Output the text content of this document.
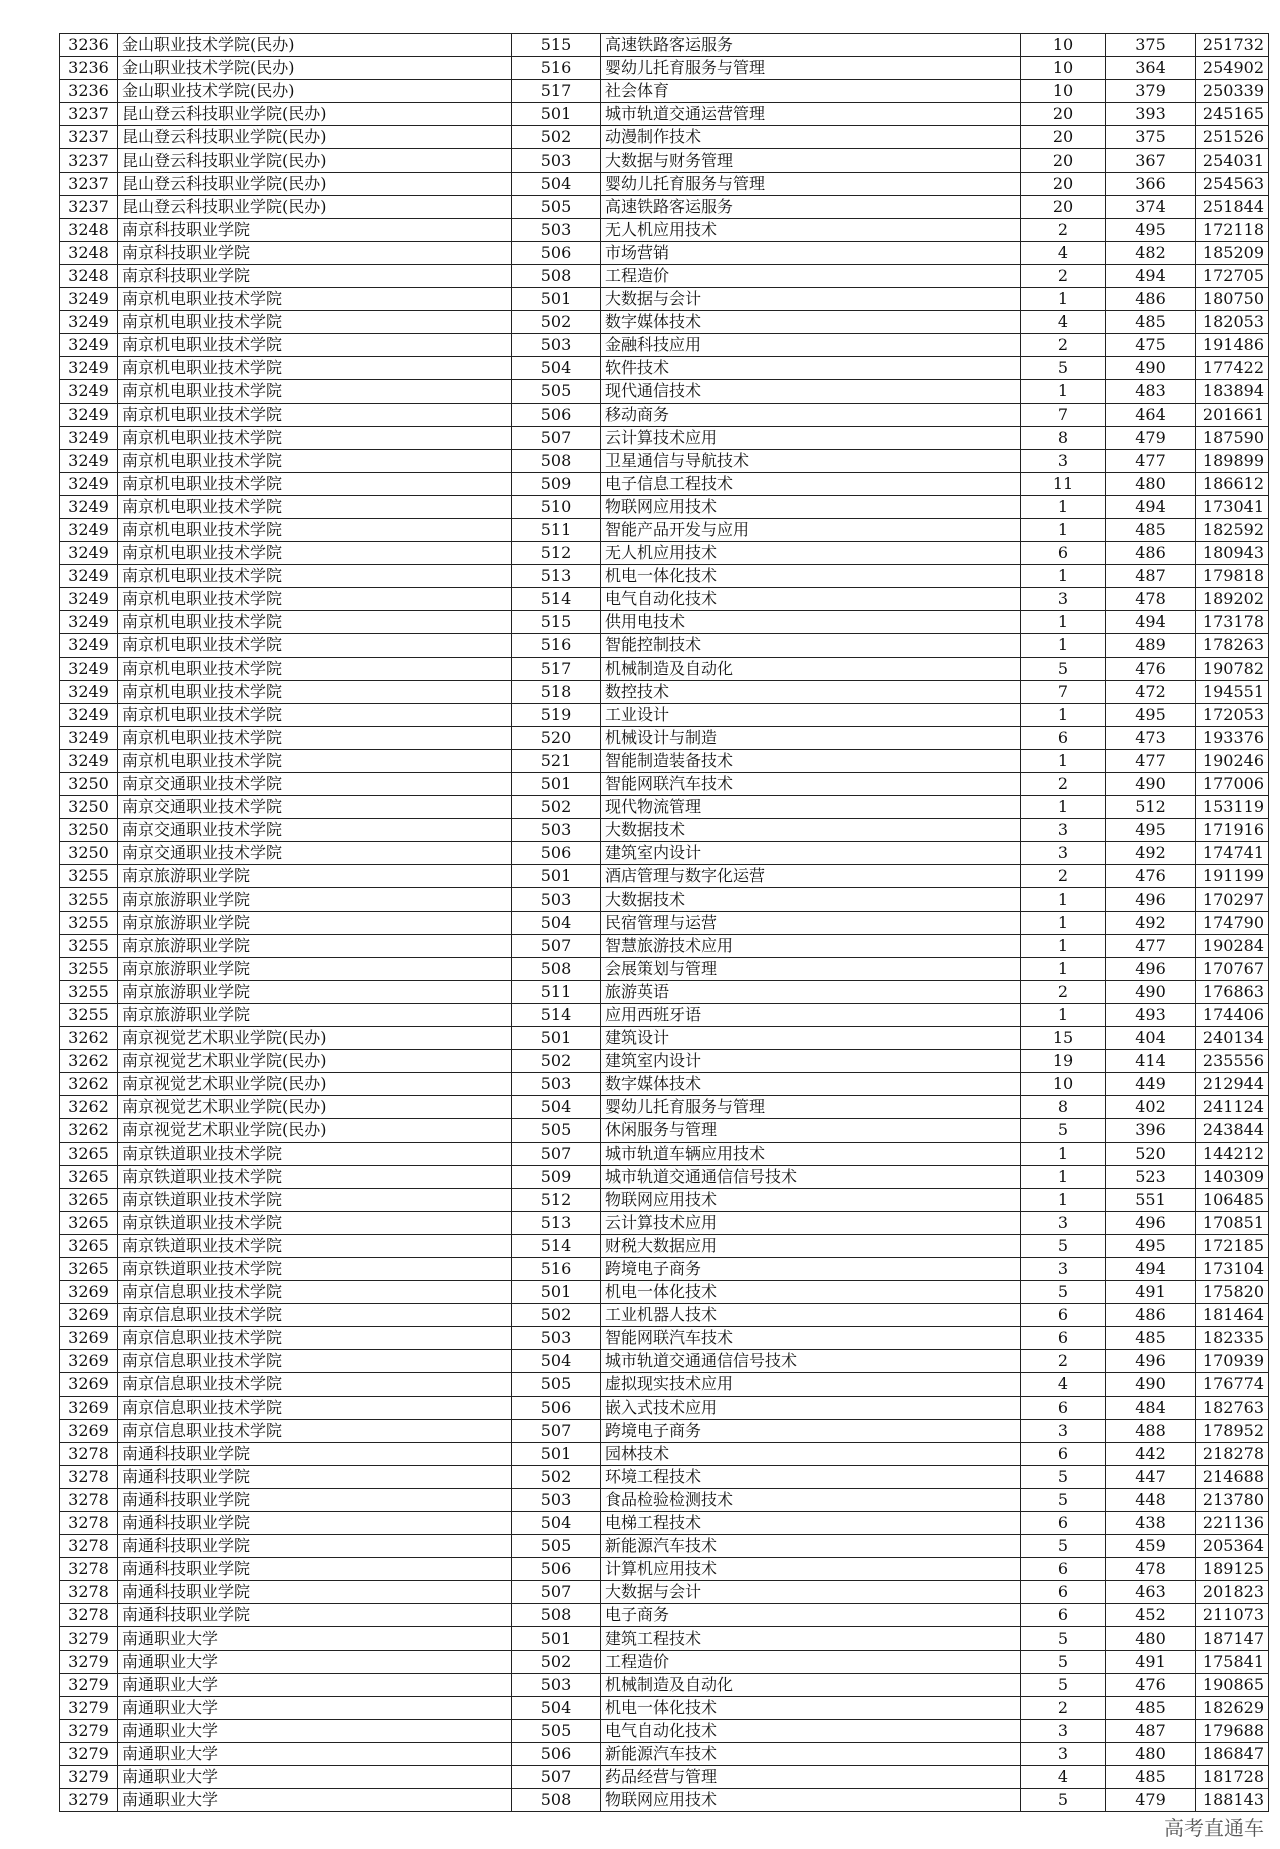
3236	金山职业技术学院(民办)	515	高速铁路客运服务	10	375	251732
3236	金山职业技术学院(民办)	516	婴幼儿托育服务与管理	10	364	254902
3236	金山职业技术学院(民办)	517	社会体育	10	379	250339
3237	昆山登云科技职业学院(民办)	501	城市轨道交通运营管理	20	393	245165
3237	昆山登云科技职业学院(民办)	502	动漫制作技术	20	375	251526
3237	昆山登云科技职业学院(民办)	503	大数据与财务管理	20	367	254031
3237	昆山登云科技职业学院(民办)	504	婴幼儿托育服务与管理	20	366	254563
3237	昆山登云科技职业学院(民办)	505	高速铁路客运服务	20	374	251844
3248	南京科技职业学院	503	无人机应用技术	2	495	172118
3248	南京科技职业学院	506	市场营销	4	482	185209
3248	南京科技职业学院	508	工程造价	2	494	172705
3249	南京机电职业技术学院	501	大数据与会计	1	486	180750
3249	南京机电职业技术学院	502	数字媒体技术	4	485	182053
3249	南京机电职业技术学院	503	金融科技应用	2	475	191486
3249	南京机电职业技术学院	504	软件技术	5	490	177422
3249	南京机电职业技术学院	505	现代通信技术	1	483	183894
3249	南京机电职业技术学院	506	移动商务	7	464	201661
3249	南京机电职业技术学院	507	云计算技术应用	8	479	187590
3249	南京机电职业技术学院	508	卫星通信与导航技术	3	477	189899
3249	南京机电职业技术学院	509	电子信息工程技术	11	480	186612
3249	南京机电职业技术学院	510	物联网应用技术	1	494	173041
3249	南京机电职业技术学院	511	智能产品开发与应用	1	485	182592
3249	南京机电职业技术学院	512	无人机应用技术	6	486	180943
3249	南京机电职业技术学院	513	机电一体化技术	1	487	179818
3249	南京机电职业技术学院	514	电气自动化技术	3	478	189202
3249	南京机电职业技术学院	515	供用电技术	1	494	173178
3249	南京机电职业技术学院	516	智能控制技术	1	489	178263
3249	南京机电职业技术学院	517	机械制造及自动化	5	476	190782
3249	南京机电职业技术学院	518	数控技术	7	472	194551
3249	南京机电职业技术学院	519	工业设计	1	495	172053
3249	南京机电职业技术学院	520	机械设计与制造	6	473	193376
3249	南京机电职业技术学院	521	智能制造装备技术	1	477	190246
3250	南京交通职业技术学院	501	智能网联汽车技术	2	490	177006
3250	南京交通职业技术学院	502	现代物流管理	1	512	153119
3250	南京交通职业技术学院	503	大数据技术	3	495	171916
3250	南京交通职业技术学院	506	建筑室内设计	3	492	174741
3255	南京旅游职业学院	501	酒店管理与数字化运营	2	476	191199
3255	南京旅游职业学院	503	大数据技术	1	496	170297
3255	南京旅游职业学院	504	民宿管理与运营	1	492	174790
3255	南京旅游职业学院	507	智慧旅游技术应用	1	477	190284
3255	南京旅游职业学院	508	会展策划与管理	1	496	170767
3255	南京旅游职业学院	511	旅游英语	2	490	176863
3255	南京旅游职业学院	514	应用西班牙语	1	493	174406
3262	南京视觉艺术职业学院(民办)	501	建筑设计	15	404	240134
3262	南京视觉艺术职业学院(民办)	502	建筑室内设计	19	414	235556
3262	南京视觉艺术职业学院(民办)	503	数字媒体技术	10	449	212944
3262	南京视觉艺术职业学院(民办)	504	婴幼儿托育服务与管理	8	402	241124
3262	南京视觉艺术职业学院(民办)	505	休闲服务与管理	5	396	243844
3265	南京铁道职业技术学院	507	城市轨道车辆应用技术	1	520	144212
3265	南京铁道职业技术学院	509	城市轨道交通通信信号技术	1	523	140309
3265	南京铁道职业技术学院	512	物联网应用技术	1	551	106485
3265	南京铁道职业技术学院	513	云计算技术应用	3	496	170851
3265	南京铁道职业技术学院	514	财税大数据应用	5	495	172185
3265	南京铁道职业技术学院	516	跨境电子商务	3	494	173104
3269	南京信息职业技术学院	501	机电一体化技术	5	491	175820
3269	南京信息职业技术学院	502	工业机器人技术	6	486	181464
3269	南京信息职业技术学院	503	智能网联汽车技术	6	485	182335
3269	南京信息职业技术学院	504	城市轨道交通通信信号技术	2	496	170939
3269	南京信息职业技术学院	505	虚拟现实技术应用	4	490	176774
3269	南京信息职业技术学院	506	嵌入式技术应用	6	484	182763
3269	南京信息职业技术学院	507	跨境电子商务	3	488	178952
3278	南通科技职业学院	501	园林技术	6	442	218278
3278	南通科技职业学院	502	环境工程技术	5	447	214688
3278	南通科技职业学院	503	食品检验检测技术	5	448	213780
3278	南通科技职业学院	504	电梯工程技术	6	438	221136
3278	南通科技职业学院	505	新能源汽车技术	5	459	205364
3278	南通科技职业学院	506	计算机应用技术	6	478	189125
3278	南通科技职业学院	507	大数据与会计	6	463	201823
3278	南通科技职业学院	508	电子商务	6	452	211073
3279	南通职业大学	501	建筑工程技术	5	480	187147
3279	南通职业大学	502	工程造价	5	491	175841
3279	南通职业大学	503	机械制造及自动化	5	476	190865
3279	南通职业大学	504	机电一体化技术	2	485	182629
3279	南通职业大学	505	电气自动化技术	3	487	179688
3279	南通职业大学	506	新能源汽车技术	3	480	186847
3279	南通职业大学	507	药品经营与管理	4	485	181728
3279	南通职业大学	508	物联网应用技术	5	479	188143
高考直通车
